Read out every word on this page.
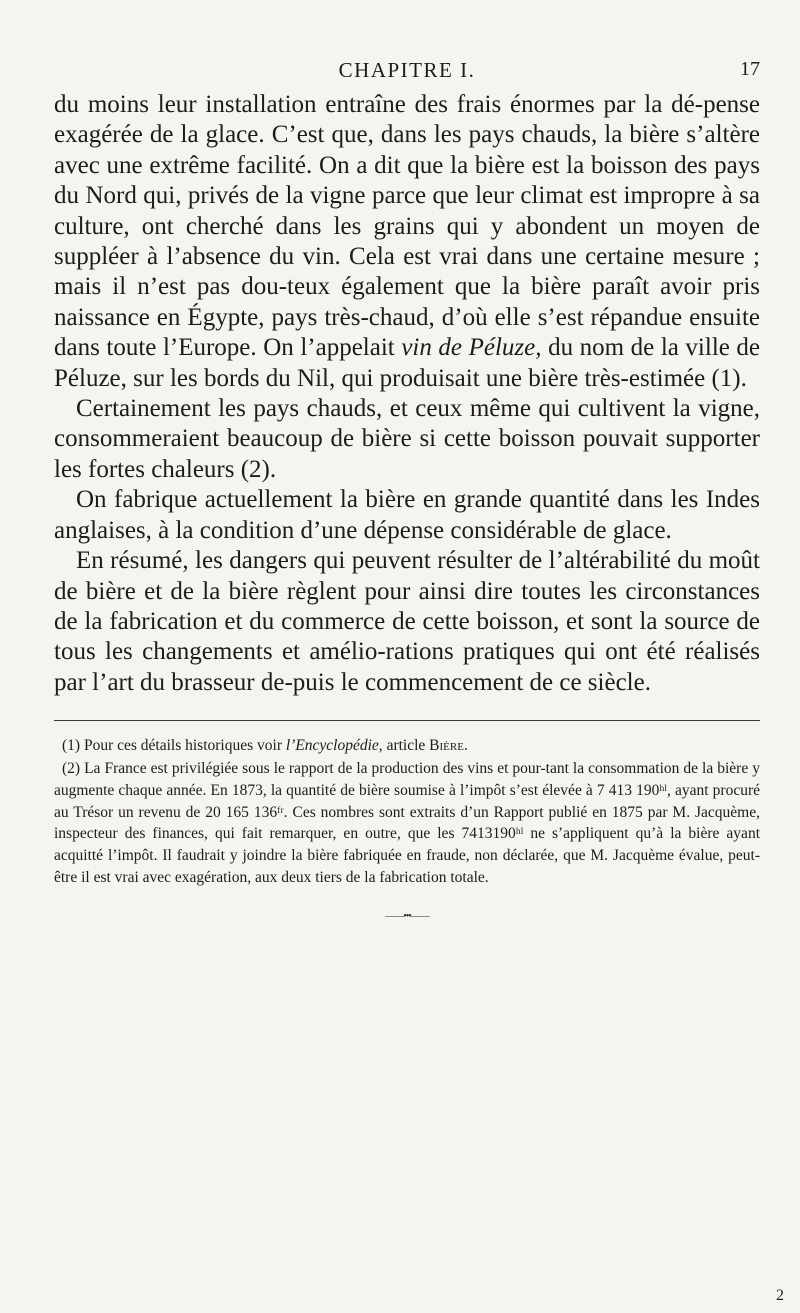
CHAPITRE I.	17

du moins leur installation entraîne des frais énormes par la dé-pense exagérée de la glace. C’est que, dans les pays chauds, la bière s’altère avec une extrême facilité. On a dit que la bière est la boisson des pays du Nord qui, privés de la vigne parce que leur climat est impropre à sa culture, ont cherché dans les grains qui y abondent un moyen de suppléer à l’absence du vin. Cela est vrai dans une certaine mesure ; mais il n’est pas dou-teux également que la bière paraît avoir pris naissance en Égypte, pays très-chaud, d’où elle s’est répandue ensuite dans toute l’Europe. On l’appelait vin de Péluze, du nom de la ville de Péluze, sur les bords du Nil, qui produisait une bière très-estimée (1).

Certainement les pays chauds, et ceux même qui cultivent la vigne, consommeraient beaucoup de bière si cette boisson pouvait supporter les fortes chaleurs (2).

On fabrique actuellement la bière en grande quantité dans les Indes anglaises, à la condition d’une dépense considérable de glace.

En résumé, les dangers qui peuvent résulter de l’altérabilité du moût de bière et de la bière règlent pour ainsi dire toutes les circonstances de la fabrication et du commerce de cette boisson, et sont la source de tous les changements et amélio-rations pratiques qui ont été réalisés par l’art du brasseur de-puis le commencement de ce siècle.

(1) Pour ces détails historiques voir l’Encyclopédie, article Bière.

(2) La France est privilégiée sous le rapport de la production des vins et pour-tant la consommation de la bière y augmente chaque année. En 1873, la quantité de bière soumise à l’impôt s’est élevée à 7 413 190ʰˡ, ayant procuré au Trésor un revenu de 20 165 136ᶠʳ. Ces nombres sont extraits d’un Rapport publié en 1875 par M. Jacquème, inspecteur des finances, qui fait remarquer, en outre, que les 7413190ʰˡ ne s’appliquent qu’à la bière ayant acquitté l’impôt. Il faudrait y joindre la bière fabriquée en fraude, non déclarée, que M. Jacquème évalue, peut-être il est vrai avec exagération, aux deux tiers de la fabrication totale.

——•••——
2
